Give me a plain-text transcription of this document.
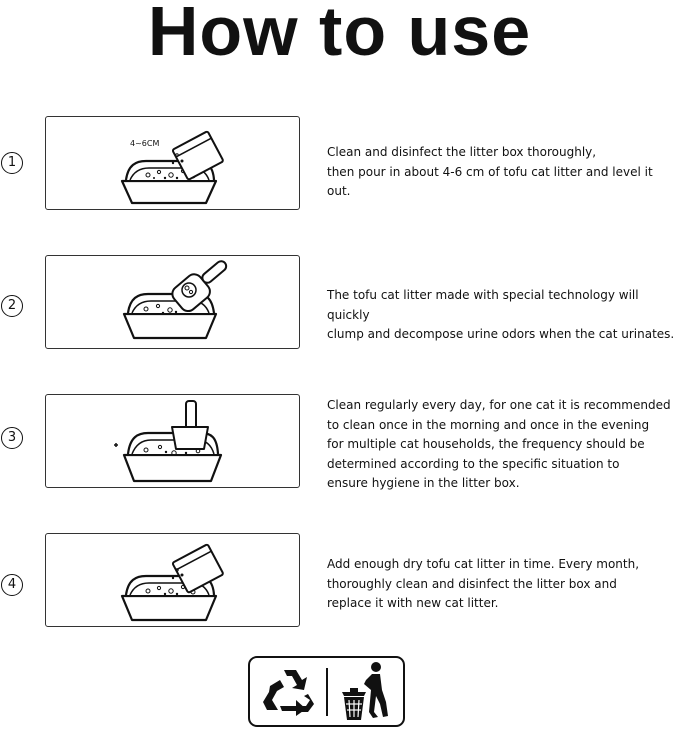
How to use
1
4~6CM
Clean and disinfect the litter box thoroughly,
then pour in about 4-6 cm of tofu cat litter and level it out.
2
The tofu cat litter made with special technology will quickly
clump and decompose urine odors when the cat urinates.
3
Clean regularly every day, for one cat it is recommended
to clean once in the morning and once in the evening
for multiple cat households, the frequency should be
determined according to the specific situation to
ensure hygiene in the litter box.
4
Add enough dry tofu cat litter in time. Every month,
thoroughly clean and disinfect the litter box and
replace it with new cat litter.
